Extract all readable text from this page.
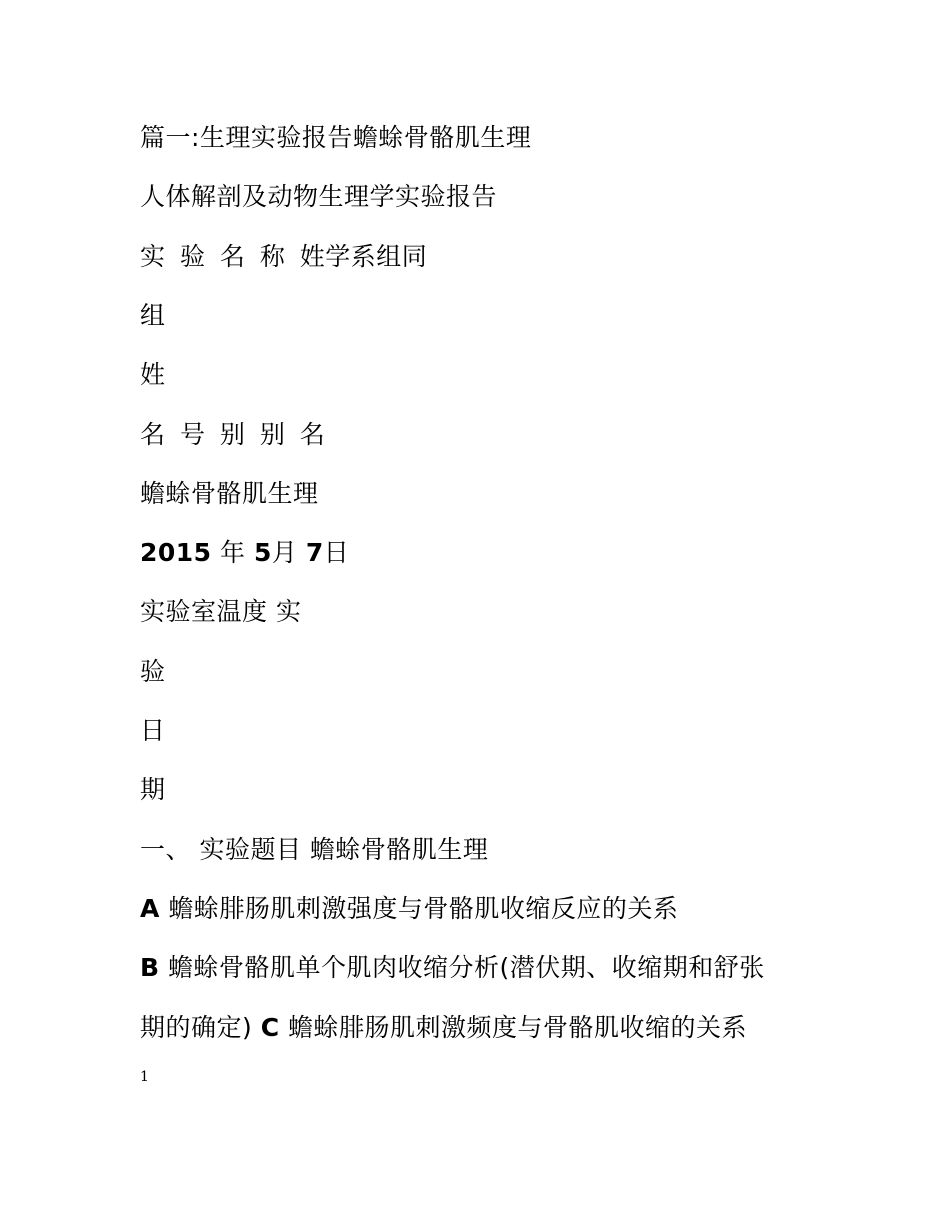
篇一:生理实验报告蟾蜍骨骼肌生理
人体解剖及动物生理学实验报告
实 验 名 称 姓学系组同
组
姓
名 号 别 别 名
蟾蜍骨骼肌生理
2015 年 5月 7日
实验室温度 实
验
日
期
一、 实验题目 蟾蜍骨骼肌生理
A 蟾蜍腓肠肌刺激强度与骨骼肌收缩反应的关系
B 蟾蜍骨骼肌单个肌肉收缩分析(潜伏期、收缩期和舒张
期的确定) C 蟾蜍腓肠肌刺激频度与骨骼肌收缩的关系
1
